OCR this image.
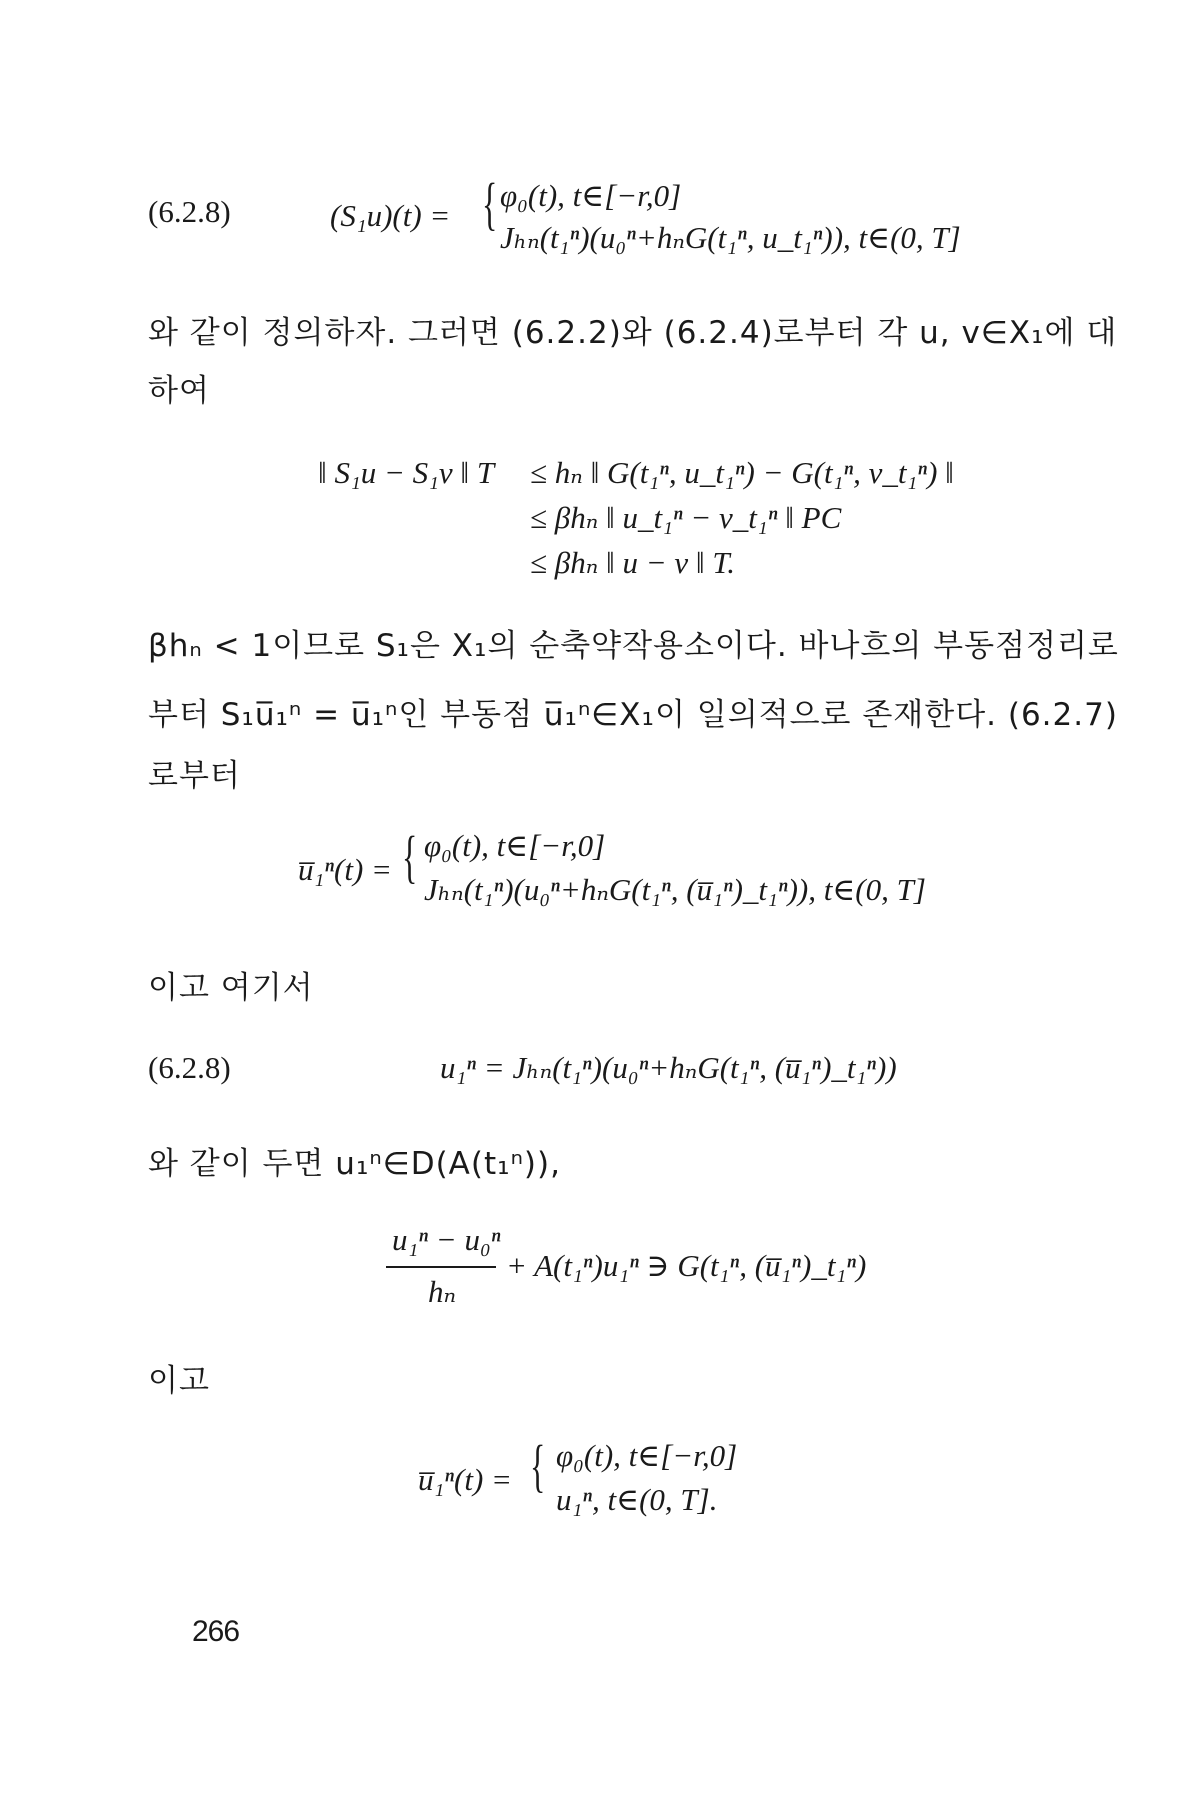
(6.2.8)	(S₁u)(t) = { φ₀(t), t∈[−r,0]
Jₕₙ(t₁ⁿ)(u₀ⁿ+hₙG(t₁ⁿ, u_t₁ⁿ)), t∈(0, T]
와 같이 정의하자. 그러면 (6.2.2)와 (6.2.4)로부터 각 u, v∈X₁에 대
하여
‖ S₁u − S₁v ‖ T ≤ hₙ ‖ G(t₁ⁿ, u_t₁ⁿ) − G(t₁ⁿ, v_t₁ⁿ) ‖
≤ βhₙ ‖ u_t₁ⁿ − v_t₁ⁿ ‖ PC
≤ βhₙ ‖ u − v ‖ T.
βhₙ < 1이므로 S₁은 X₁의 순축약작용소이다. 바나흐의 부동점정리로
부터 S₁u̅₁ⁿ = u̅₁ⁿ인 부동점 u̅₁ⁿ∈X₁이 일의적으로 존재한다. (6.2.7)
로부터
u̅₁ⁿ(t) = { φ₀(t), t∈[−r,0]
Jₕₙ(t₁ⁿ)(u₀ⁿ+hₙG(t₁ⁿ, (u̅₁ⁿ)_t₁ⁿ)), t∈(0, T]
이고 여기서
(6.2.8)	u₁ⁿ = Jₕₙ(t₁ⁿ)(u₀ⁿ+hₙG(t₁ⁿ, (u̅₁ⁿ)_t₁ⁿ))
와 같이 두면 u₁ⁿ∈D(A(t₁ⁿ)),
u₁ⁿ − u₀ⁿ
hₙ
+ A(t₁ⁿ)u₁ⁿ ∋ G(t₁ⁿ, (u̅₁ⁿ)_t₁ⁿ)
이고
u̅₁ⁿ(t) = { φ₀(t), t∈[−r,0]
u₁ⁿ, t∈(0, T].
266
